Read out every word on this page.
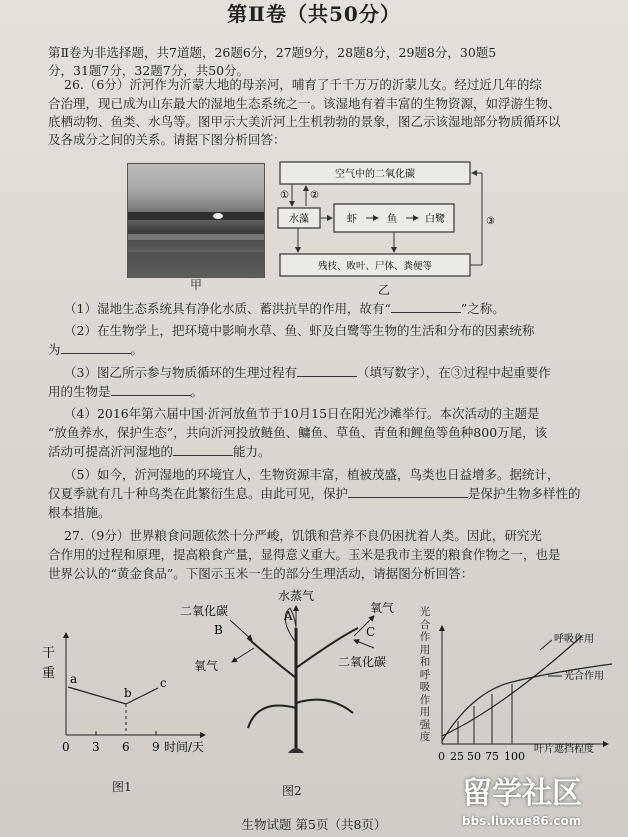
第Ⅱ卷（共50分）
第Ⅱ卷为非选择题，共7道题，26题6分，27题9分，28题8分，29题8分，30题5
分，31题7分，32题7分，共50分。
26.（6分）沂河作为沂蒙大地的母亲河，哺育了千千万万的沂蒙儿女。经过近几年的综
合治理，现已成为山东最大的湿地生态系统之一。该湿地有着丰富的生物资源，如浮游生物、
底栖动物、鱼类、水鸟等。图甲示大美沂河上生机勃勃的景象，图乙示该湿地部分物质循环以
及各成分之间的关系。请据下图分析回答：
甲
空气中的二氧化碳
水藻	虾	鱼	白鹭
残枝、败叶、尸体、粪便等
① ②
③
乙
（1）湿地生态系统具有净化水质、蓄洪抗旱的作用，故有“	”之称。
（2）在生物学上，把环境中影响水草、鱼、虾及白鹭等生物的生活和分布的因素统称
为	。
（3）图乙所示参与物质循环的生理过程有	（填写数字），在③过程中起重要作
用的生物是	。
（4）2016年第六届中国·沂河放鱼节于10月15日在阳光沙滩举行。本次活动的主题是
“放鱼养水，保护生态”，共向沂河投放鲢鱼、鳙鱼、草鱼、青鱼和鲤鱼等鱼种800万尾，该
活动可提高沂河湿地的	能力。
（5）如今，沂河湿地的环境宜人，生物资源丰富，植被茂盛，鸟类也日益增多。据统计，
仅夏季就有几十种鸟类在此繁衍生息。由此可见，保护	是保护生物多样性的
根本措施。
27.（9分）世界粮食问题依然十分严峻，饥饿和营养不良仍困扰着人类。因此，研究光
合作用的过程和原理，提高粮食产量，显得意义重大。玉米是我市主要的粮食作物之一，也是
世界公认的“黄金食品”。下图示玉米一生的部分生理活动，请据图分析回答：
干
重 a
b
c
0 3 6 9 时间/天
图1
二氧化碳
B
氧气
水蒸气
A
氧气
C
二氧化碳
图2
呼吸作用
光合作用
0 25 50 75 100
叶片遮挡程度
光
合
作
用
和
呼
吸
作
用
强
度
生物试题 第5页（共8页）
留学社区
bbs.liuxue86.com
